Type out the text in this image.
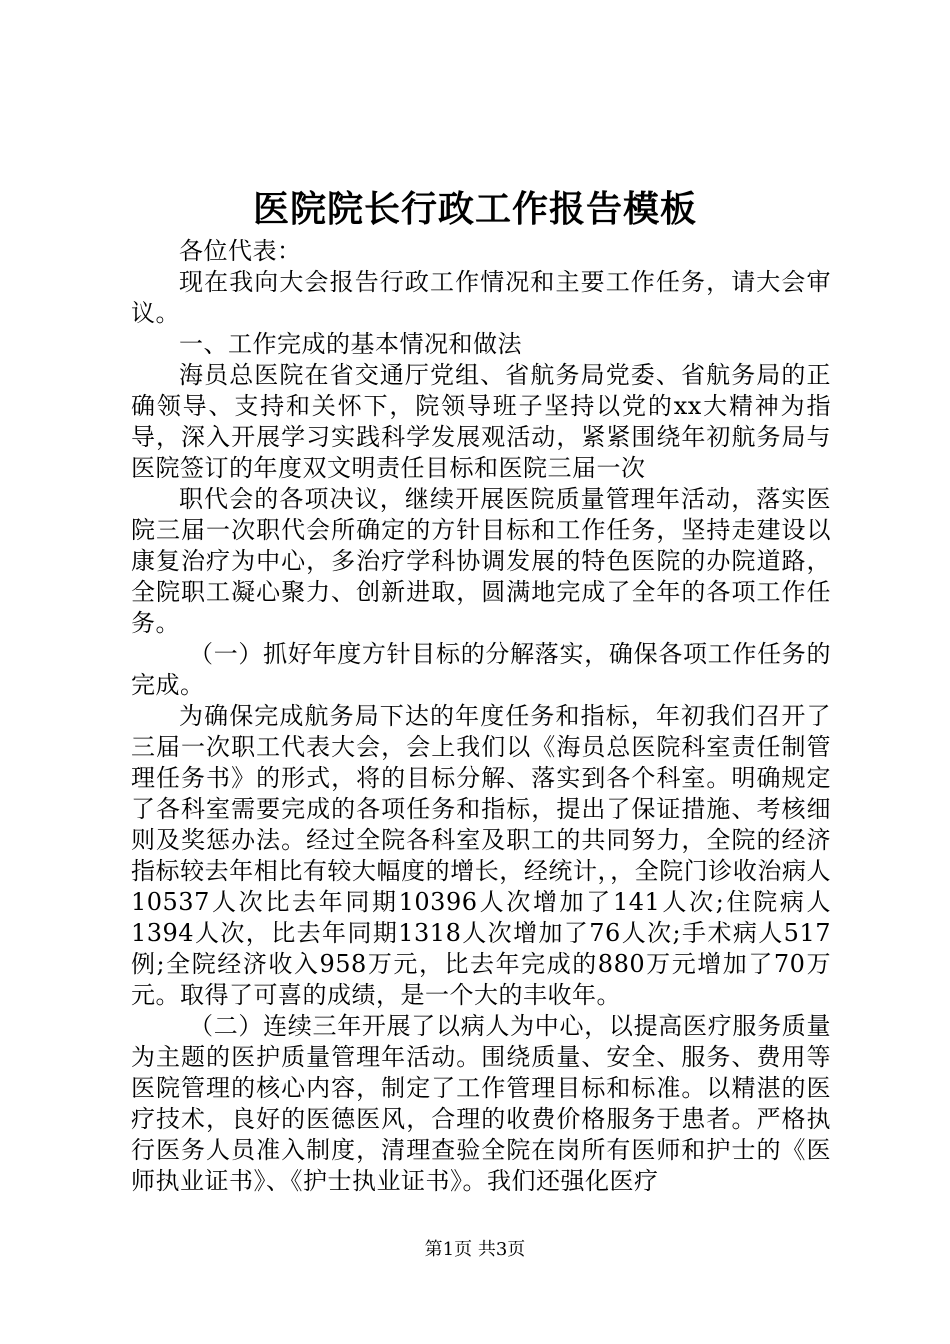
医院院长行政工作报告模板

各位代表：

现在我向大会报告行政工作情况和主要工作任务，请大会审议。

一、工作完成的基本情况和做法

海员总医院在省交通厅党组、省航务局党委、省航务局的正确领导、支持和关怀下，院领导班子坚持以党的xx大精神为指导，深入开展学习实践科学发展观活动，紧紧围绕年初航务局与医院签订的年度双文明责任目标和医院三届一次

职代会的各项决议，继续开展医院质量管理年活动，落实医院三届一次职代会所确定的方针目标和工作任务，坚持走建设以康复治疗为中心，多治疗学科协调发展的特色医院的办院道路，全院职工凝心聚力、创新进取，圆满地完成了全年的各项工作任务。

（一）抓好年度方针目标的分解落实，确保各项工作任务的完成。

为确保完成航务局下达的年度任务和指标，年初我们召开了三届一次职工代表大会，会上我们以《海员总医院科室责任制管理任务书》的形式，将的目标分解、落实到各个科室。明确规定了各科室需要完成的各项任务和指标，提出了保证措施、考核细则及奖惩办法。经过全院各科室及职工的共同努力，全院的经济指标较去年相比有较大幅度的增长，经统计，，全院门诊收治病人10537人次比去年同期10396人次增加了141人次;住院病人1394人次，比去年同期1318人次增加了76人次;手术病人517例;全院经济收入958万元，比去年完成的880万元增加了70万元。取得了可喜的成绩，是一个大的丰收年。

（二）连续三年开展了以病人为中心，以提高医疗服务质量为主题的医护质量管理年活动。围绕质量、安全、服务、费用等医院管理的核心内容，制定了工作管理目标和标准。以精湛的医疗技术，良好的医德医风，合理的收费价格服务于患者。严格执行医务人员准入制度，清理查验全院在岗所有医师和护士的《医师执业证书》、《护士执业证书》。我们还强化医疗

第1页 共3页
